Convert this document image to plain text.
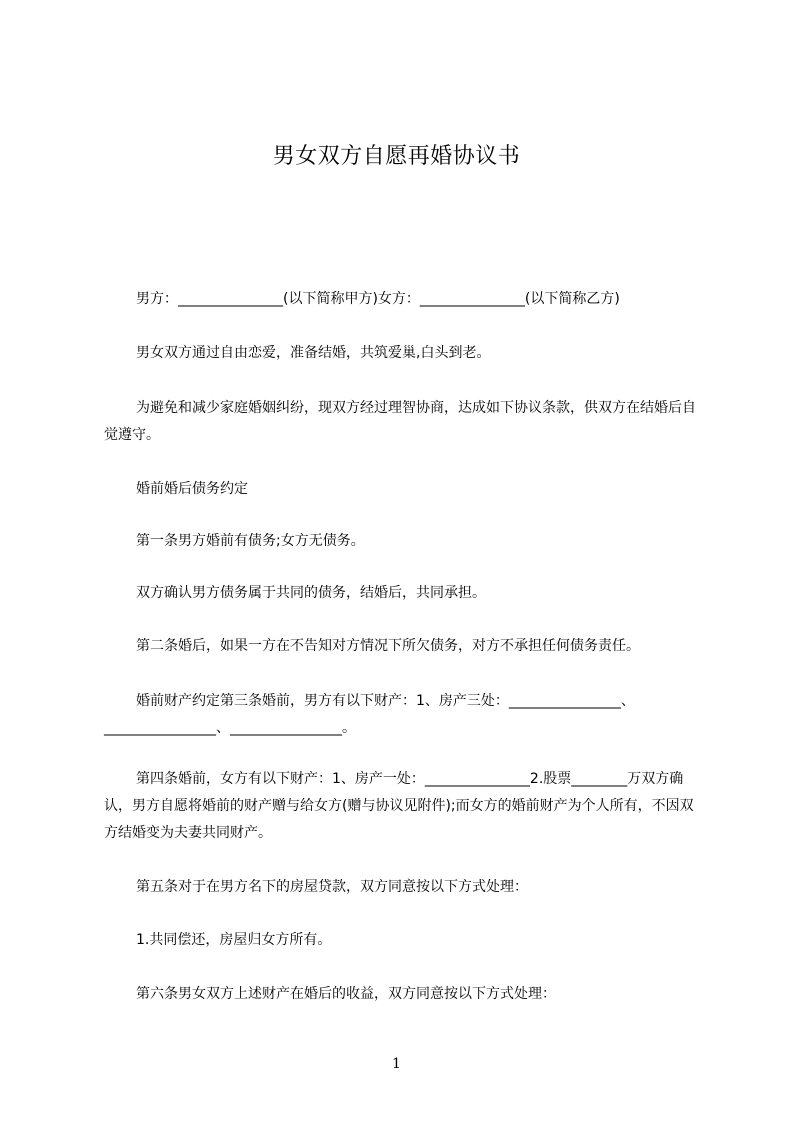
男女双方自愿再婚协议书
男方：_______________(以下简称甲方)女方：_______________(以下简称乙方)
男女双方通过自由恋爱，准备结婚，共筑爱巢,白头到老。
为避免和减少家庭婚姻纠纷，现双方经过理智协商，达成如下协议条款，供双方在结婚后自觉遵守。
婚前婚后债务约定
第一条男方婚前有债务;女方无债务。
双方确认男方债务属于共同的债务，结婚后，共同承担。
第二条婚后，如果一方在不告知对方情况下所欠债务，对方不承担任何债务责任。
婚前财产约定第三条婚前，男方有以下财产：1、房产三处：________________、________________、________________。
第四条婚前，女方有以下财产：1、房产一处：_______________2.股票________万双方确认，男方自愿将婚前的财产赠与给女方(赠与协议见附件);而女方的婚前财产为个人所有，不因双方结婚变为夫妻共同财产。
第五条对于在男方名下的房屋贷款，双方同意按以下方式处理：
1.共同偿还，房屋归女方所有。
第六条男女双方上述财产在婚后的收益，双方同意按以下方式处理：
1
